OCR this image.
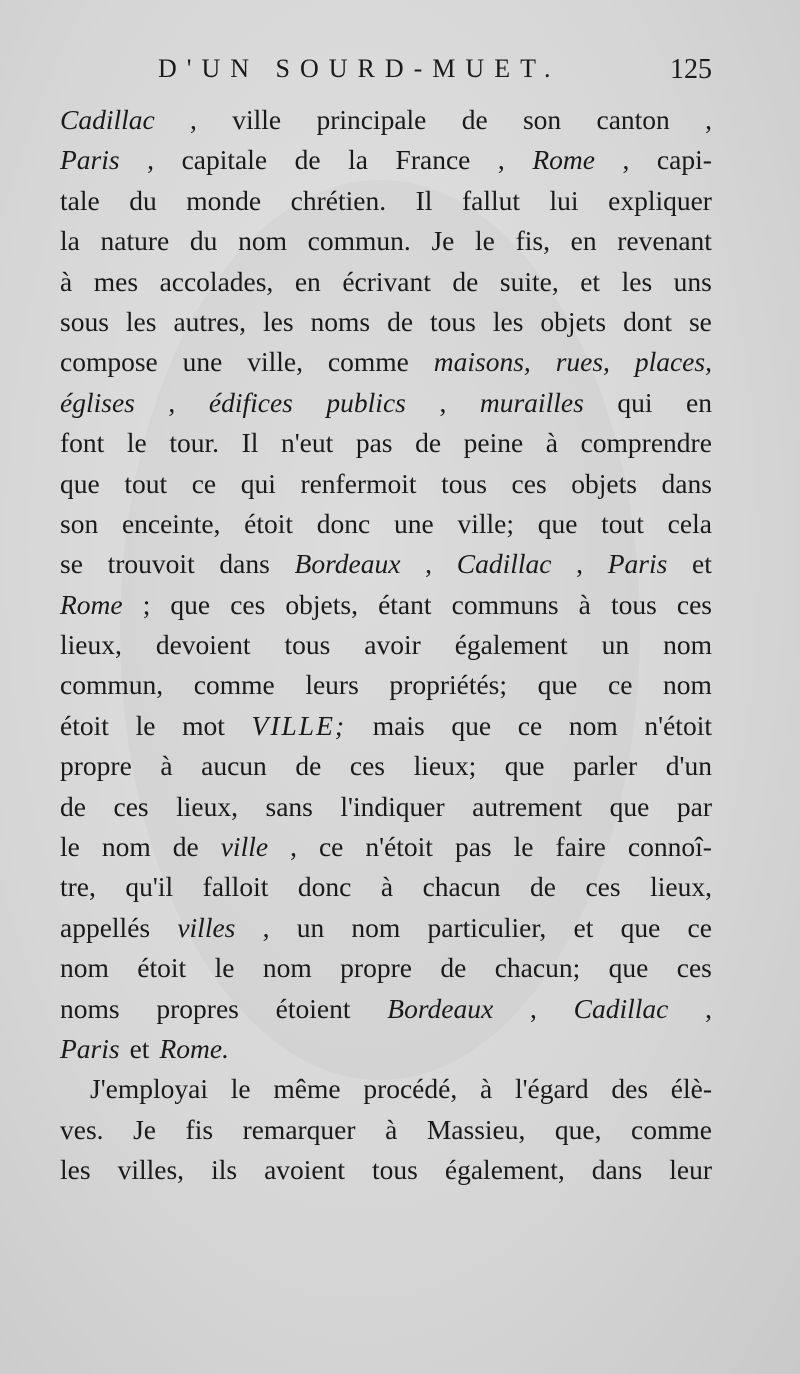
D'UN SOURD-MUET.	125
Cadillac , ville principale de son canton ,
Paris , capitale de la France , Rome , capi-
tale du monde chrétien. Il fallut lui expliquer
la nature du nom commun. Je le fis, en revenant
à mes accolades, en écrivant de suite, et les uns
sous les autres, les noms de tous les objets dont se
compose une ville, comme maisons, rues, places,
églises , édifices publics , murailles qui en
font le tour. Il n'eut pas de peine à comprendre
que tout ce qui renfermoit tous ces objets dans
son enceinte, étoit donc une ville; que tout cela
se trouvoit dans Bordeaux , Cadillac , Paris et
Rome ; que ces objets, étant communs à tous ces
lieux, devoient tous avoir également un nom
commun, comme leurs propriétés; que ce nom
étoit le mot VILLE; mais que ce nom n'étoit
propre à aucun de ces lieux; que parler d'un
de ces lieux, sans l'indiquer autrement que par
le nom de ville , ce n'étoit pas le faire connoî-
tre, qu'il falloit donc à chacun de ces lieux,
appellés villes , un nom particulier, et que ce
nom étoit le nom propre de chacun; que ces
noms propres étoient Bordeaux , Cadillac ,
Paris et Rome.
J'employai le même procédé, à l'égard des élè-
ves. Je fis remarquer à Massieu, que, comme
les villes, ils avoient tous également, dans leur
